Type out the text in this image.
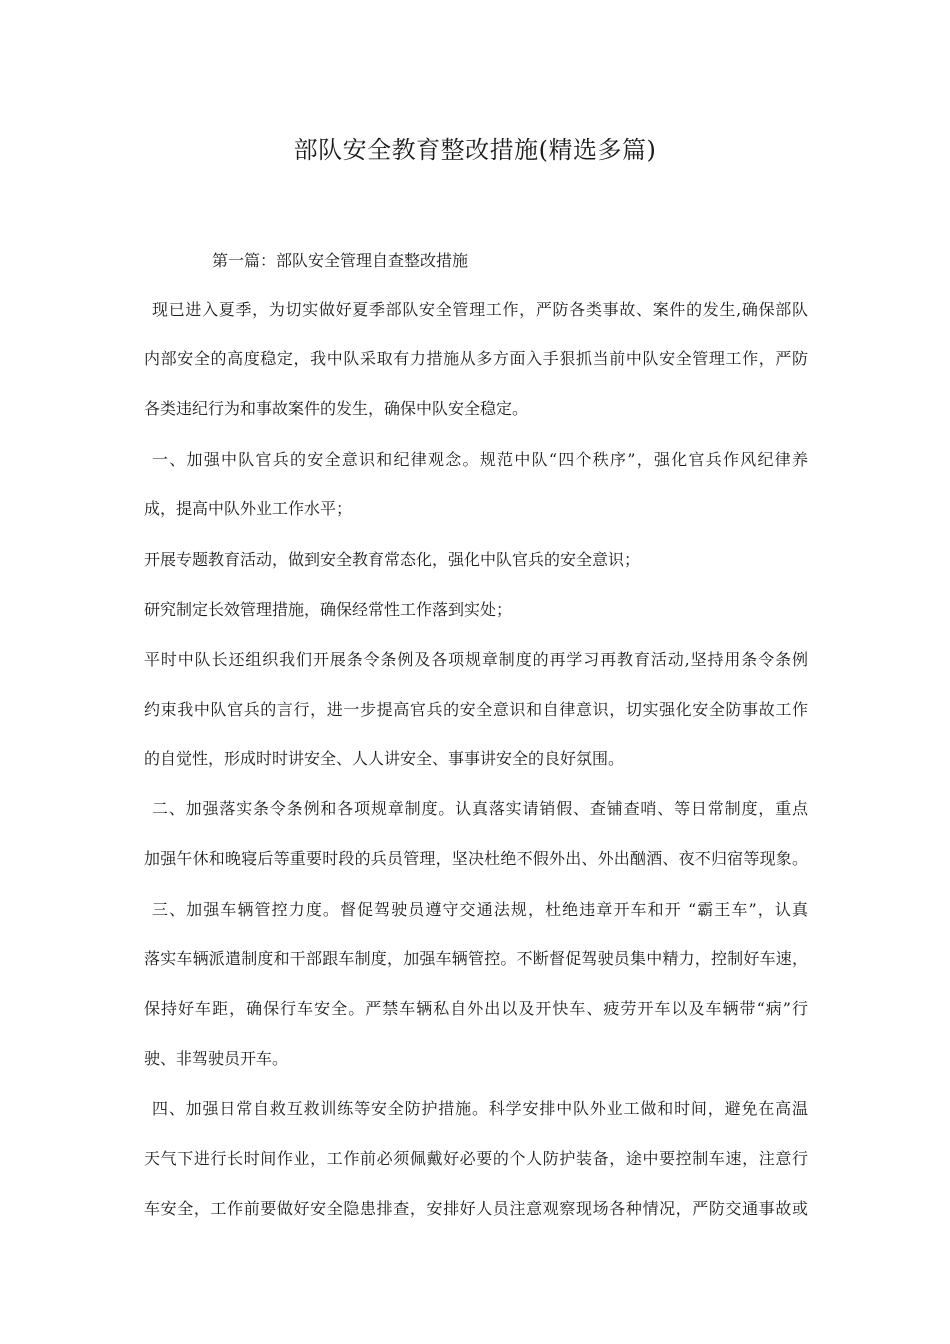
部队安全教育整改措施(精选多篇)
第一篇：部队安全管理自查整改措施
现已进入夏季，为切实做好夏季部队安全管理工作，严防各类事故、案件的发生,确保部队
内部安全的高度稳定，我中队采取有力措施从多方面入手狠抓当前中队安全管理工作，严防
各类违纪行为和事故案件的发生，确保中队安全稳定。
一、加强中队官兵的安全意识和纪律观念。规范中队“四个秩序”，强化官兵作风纪律养
成，提高中队外业工作水平；
开展专题教育活动，做到安全教育常态化，强化中队官兵的安全意识；
研究制定长效管理措施，确保经常性工作落到实处；
平时中队长还组织我们开展条令条例及各项规章制度的再学习再教育活动,坚持用条令条例
约束我中队官兵的言行，进一步提高官兵的安全意识和自律意识，切实强化安全防事故工作
的自觉性，形成时时讲安全、人人讲安全、事事讲安全的良好氛围。
二、加强落实条令条例和各项规章制度。认真落实请销假、查铺查哨、等日常制度，重点
加强午休和晚寝后等重要时段的兵员管理，坚决杜绝不假外出、外出酗酒、夜不归宿等现象。
三、加强车辆管控力度。督促驾驶员遵守交通法规，杜绝违章开车和开 “霸王车”，认真
落实车辆派遣制度和干部跟车制度，加强车辆管控。不断督促驾驶员集中精力，控制好车速，
保持好车距，确保行车安全。严禁车辆私自外出以及开快车、疲劳开车以及车辆带“病”行
驶、非驾驶员开车。
四、加强日常自救互救训练等安全防护措施。科学安排中队外业工做和时间，避免在高温
天气下进行长时间作业，工作前必须佩戴好必要的个人防护装备，途中要控制车速，注意行
车安全，工作前要做好安全隐患排查，安排好人员注意观察现场各种情况，严防交通事故或
